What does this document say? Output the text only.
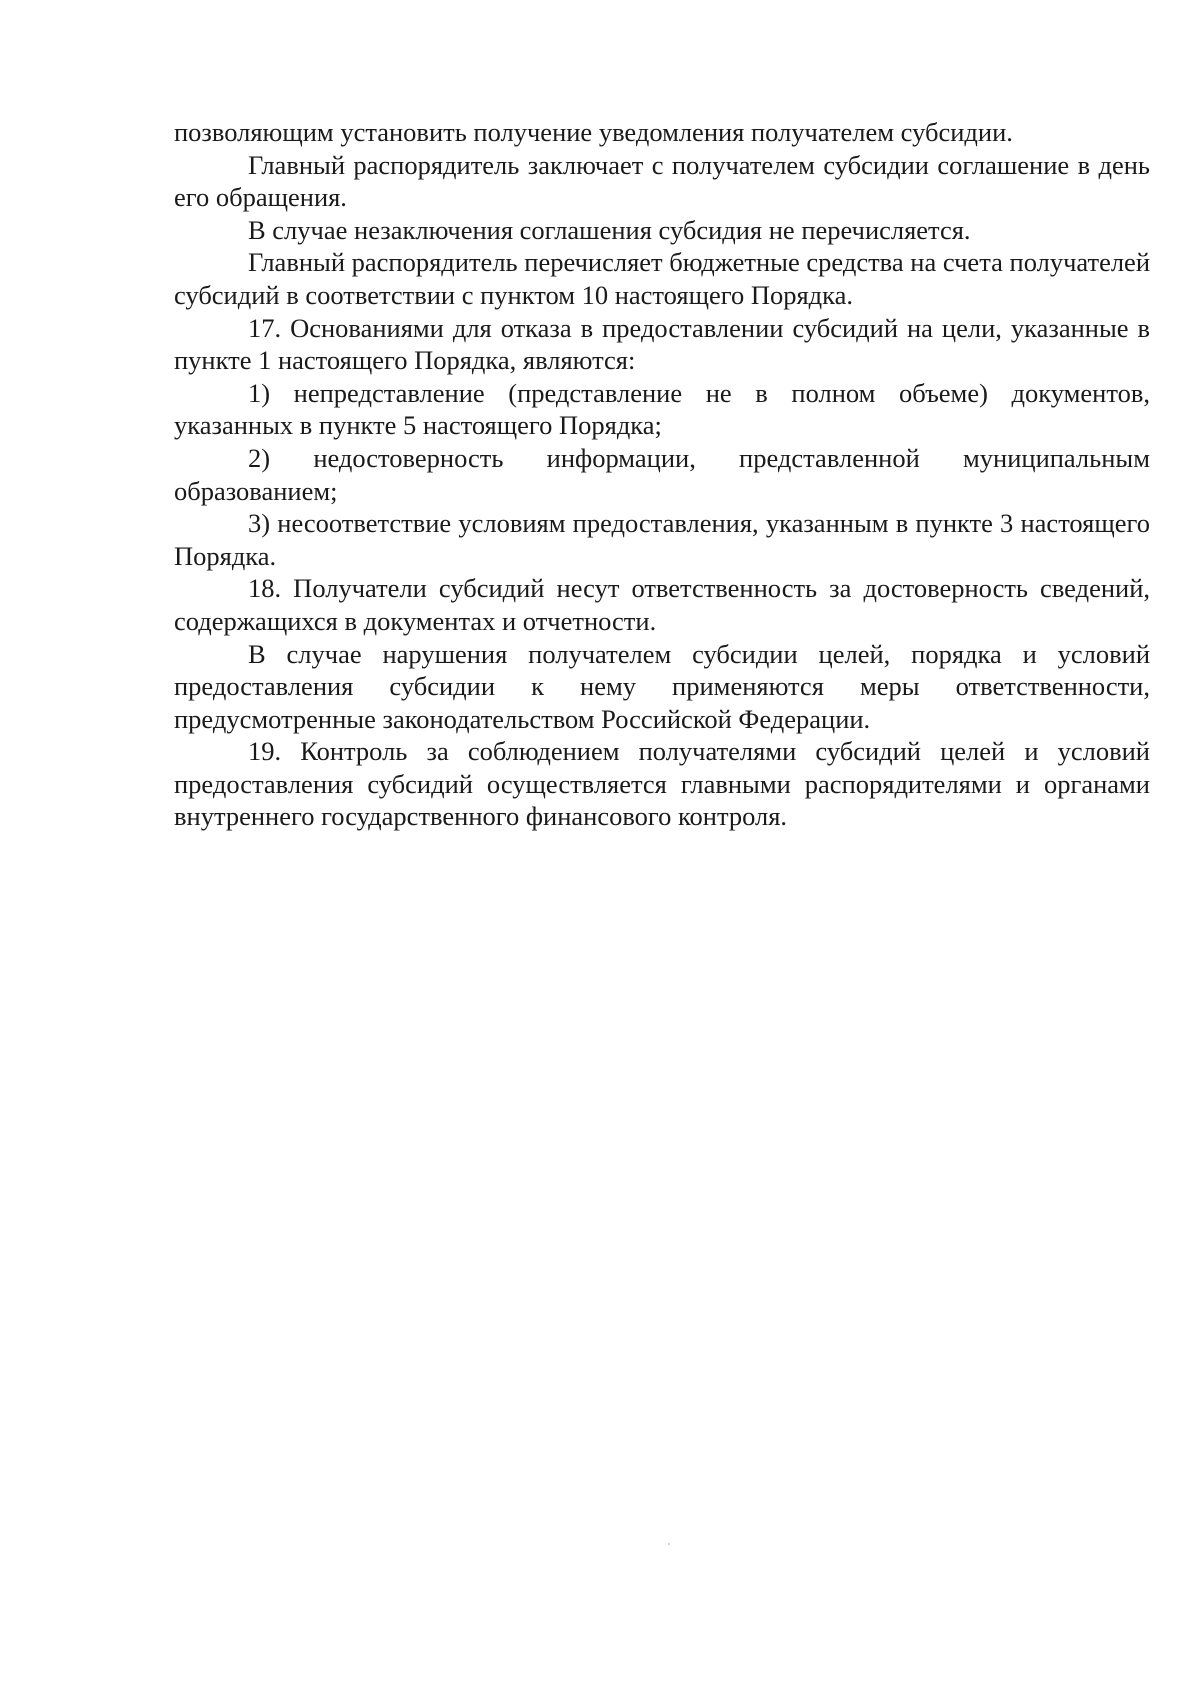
позволяющим установить получение уведомления получателем субсидии.

Главный распорядитель заключает с получателем субсидии соглашение в день его обращения.

В случае незаключения соглашения субсидия не перечисляется.

Главный распорядитель перечисляет бюджетные средства на счета получателей субсидий в соответствии с пунктом 10 настоящего Порядка.

17. Основаниями для отказа в предоставлении субсидий на цели, указанные в пункте 1 настоящего Порядка, являются:

1) непредставление (представление не в полном объеме) документов, указанных в пункте 5 настоящего Порядка;

2) недостоверность информации, представленной муниципальным образованием;

3) несоответствие условиям предоставления, указанным в пункте 3 настоящего Порядка.

18. Получатели субсидий несут ответственность за достоверность сведений, содержащихся в документах и отчетности.

В случае нарушения получателем субсидии целей, порядка и условий предоставления субсидии к нему применяются меры ответственности, предусмотренные законодательством Российской Федерации.

19. Контроль за соблюдением получателями субсидий целей и условий предоставления субсидий осуществляется главными распорядителями и органами внутреннего государственного финансового контроля.
